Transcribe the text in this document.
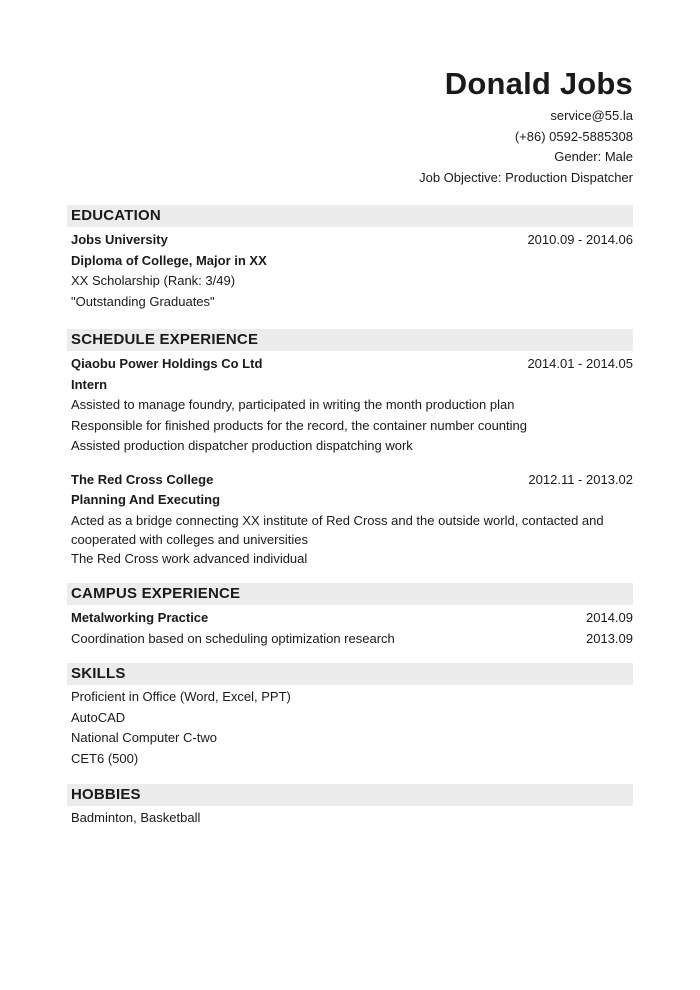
Donald Jobs
service@55.la
(+86) 0592-5885308
Gender: Male
Job Objective: Production Dispatcher
EDUCATION
Jobs University	2010.09 - 2014.06
Diploma of College, Major in XX
XX Scholarship (Rank: 3/49)
"Outstanding Graduates"
SCHEDULE EXPERIENCE
Qiaobu Power Holdings Co Ltd	2014.01 - 2014.05
Intern
Assisted to manage foundry, participated in writing the month production plan
Responsible for finished products for the record, the container number counting
Assisted production dispatcher production dispatching work
The Red Cross College	2012.11 - 2013.02
Planning And Executing
Acted as a bridge connecting XX institute of Red Cross and the outside world, contacted and cooperated with colleges and universities
The Red Cross work advanced individual
CAMPUS EXPERIENCE
Metalworking Practice	2014.09
Coordination based on scheduling optimization research	2013.09
SKILLS
Proficient in Office (Word, Excel, PPT)
AutoCAD
National Computer C-two
CET6 (500)
HOBBIES
Badminton, Basketball
